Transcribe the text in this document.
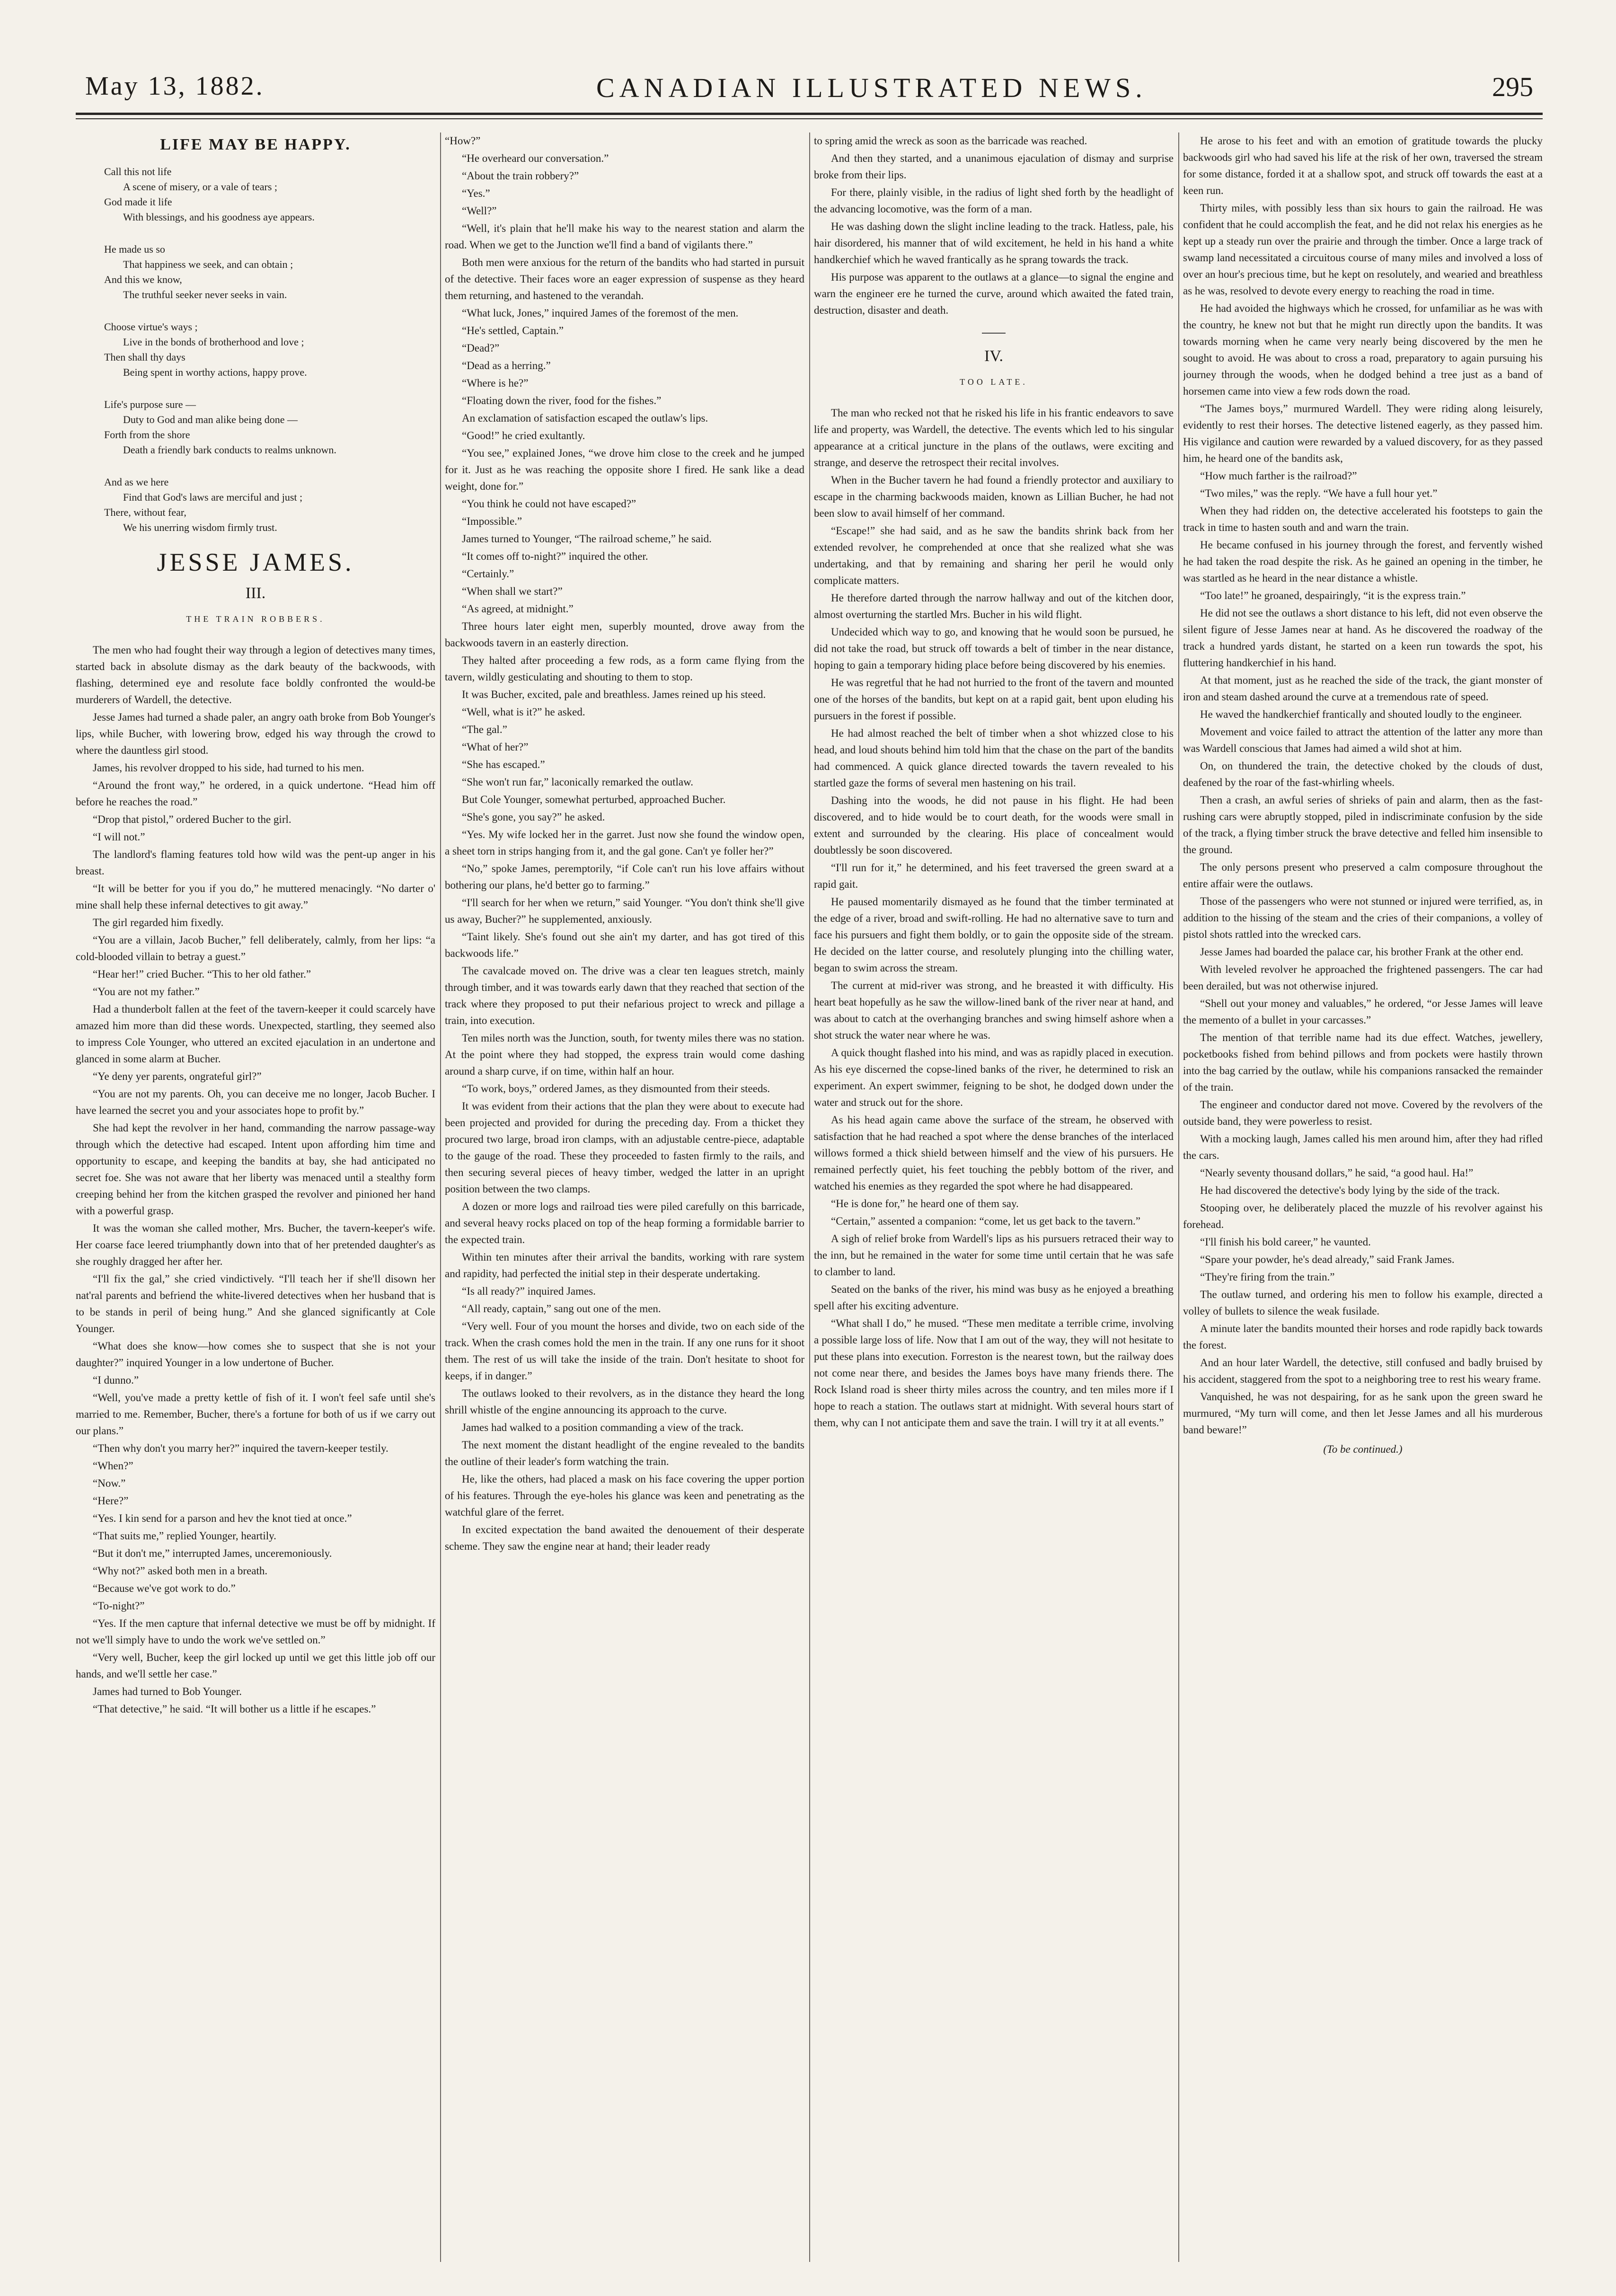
May 13, 1882.	CANADIAN ILLUSTRATED NEWS.	295
LIFE MAY BE HAPPY.
Call this not life
A scene of misery, or a vale of tears ;
God made it life
With blessings, and his goodness aye appears.
He made us so
That happiness we seek, and can obtain ;
And this we know,
The truthful seeker never seeks in vain.
Choose virtue's ways ;
Live in the bonds of brotherhood and love ;
Then shall thy days
Being spent in worthy actions, happy prove.
Life's purpose sure —
Duty to God and man alike being done —
Forth from the shore
Death a friendly bark conducts to realms unknown.
And as we here
Find that God's laws are merciful and just ;
There, without fear,
We his unerring wisdom firmly trust.
JESSE JAMES.
III.
THE TRAIN ROBBERS.

The men who had fought their way through a legion of detectives many times, started back in absolute dismay as the dark beauty of the backwoods, with flashing, determined eye and resolute face boldly confronted the would-be murderers of Wardell, the detective.

Jesse James had turned a shade paler, an angry oath broke from Bob Younger's lips, while Bucher, with lowering brow, edged his way through the crowd to where the dauntless girl stood.

James, his revolver dropped to his side, had turned to his men.

“Around the front way,” he ordered, in a quick undertone. “Head him off before he reaches the road.”

“Drop that pistol,” ordered Bucher to the girl.

“I will not.”

The landlord's flaming features told how wild was the pent-up anger in his breast.

“It will be better for you if you do,” he muttered menacingly. “No darter o' mine shall help these infernal detectives to git away.”

The girl regarded him fixedly.

“You are a villain, Jacob Bucher,” fell deliberately, calmly, from her lips: “a cold-blooded villain to betray a guest.”

“Hear her!” cried Bucher. “This to her old father.”

“You are not my father.”

Had a thunderbolt fallen at the feet of the tavern-keeper it could scarcely have amazed him more than did these words. Unexpected, startling, they seemed also to impress Cole Younger, who uttered an excited ejaculation in an undertone and glanced in some alarm at Bucher.

“Ye deny yer parents, ongrateful girl?”

“You are not my parents. Oh, you can deceive me no longer, Jacob Bucher. I have learned the secret you and your associates hope to profit by.”

She had kept the revolver in her hand, commanding the narrow passage-way through which the detective had escaped. Intent upon affording him time and opportunity to escape, and keeping the bandits at bay, she had anticipated no secret foe. She was not aware that her liberty was menaced until a stealthy form creeping behind her from the kitchen grasped the revolver and pinioned her hand with a powerful grasp.

It was the woman she called mother, Mrs. Bucher, the tavern-keeper's wife. Her coarse face leered triumphantly down into that of her pretended daughter's as she roughly dragged her after her.

“I'll fix the gal,” she cried vindictively. “I'll teach her if she'll disown her nat'ral parents and befriend the white-livered detectives when her husband that is to be stands in peril of being hung.” And she glanced significantly at Cole Younger.

“What does she know—how comes she to suspect that she is not your daughter?” inquired Younger in a low undertone of Bucher.

“I dunno.”

“Well, you've made a pretty kettle of fish of it. I won't feel safe until she's married to me. Remember, Bucher, there's a fortune for both of us if we carry out our plans.”

“Then why don't you marry her?” inquired the tavern-keeper testily.

“When?”

“Now.”

“Here?”

“Yes. I kin send for a parson and hev the knot tied at once.”

“That suits me,” replied Younger, heartily.

“But it don't me,” interrupted James, unceremoniously.

“Why not?” asked both men in a breath.

“Because we've got work to do.”

“To-night?”

“Yes. If the men capture that infernal detective we must be off by midnight. If not we'll simply have to undo the work we've settled on.”

“Very well, Bucher, keep the girl locked up until we get this little job off our hands, and we'll settle her case.”

James had turned to Bob Younger.

“That detective,” he said. “It will bother us a little if he escapes.”

“How?”

“He overheard our conversation.”

“About the train robbery?”

“Yes.”

“Well?”

“Well, it's plain that he'll make his way to the nearest station and alarm the road. When we get to the Junction we'll find a band of vigilants there.”

Both men were anxious for the return of the bandits who had started in pursuit of the detective. Their faces wore an eager expression of suspense as they heard them returning, and hastened to the verandah.

“What luck, Jones,” inquired James of the foremost of the men.

“He's settled, Captain.”

“Dead?”

“Dead as a herring.”

“Where is he?”

“Floating down the river, food for the fishes.”

An exclamation of satisfaction escaped the outlaw's lips.

“Good!” he cried exultantly.

“You see,” explained Jones, “we drove him close to the creek and he jumped for it. Just as he was reaching the opposite shore I fired. He sank like a dead weight, done for.”

“You think he could not have escaped?”

“Impossible.”

James turned to Younger, “The railroad scheme,” he said.

“It comes off to-night?” inquired the other.

“Certainly.”

“When shall we start?”

“As agreed, at midnight.”

Three hours later eight men, superbly mounted, drove away from the backwoods tavern in an easterly direction.

They halted after proceeding a few rods, as a form came flying from the tavern, wildly gesticulating and shouting to them to stop.

It was Bucher, excited, pale and breathless. James reined up his steed.

“Well, what is it?” he asked.

“The gal.”

“What of her?”

“She has escaped.”

“She won't run far,” laconically remarked the outlaw.

But Cole Younger, somewhat perturbed, approached Bucher.

“She's gone, you say?” he asked.

“Yes. My wife locked her in the garret. Just now she found the window open, a sheet torn in strips hanging from it, and the gal gone. Can't ye foller her?”

“No,” spoke James, peremptorily, “if Cole can't run his love affairs without bothering our plans, he'd better go to farming.”

“I'll search for her when we return,” said Younger. “You don't think she'll give us away, Bucher?” he supplemented, anxiously.

“Taint likely. She's found out she ain't my darter, and has got tired of this backwoods life.”

The cavalcade moved on. The drive was a clear ten leagues stretch, mainly through timber, and it was towards early dawn that they reached that section of the track where they proposed to put their nefarious project to wreck and pillage a train, into execution.

Ten miles north was the Junction, south, for twenty miles there was no station. At the point where they had stopped, the express train would come dashing around a sharp curve, if on time, within half an hour.

“To work, boys,” ordered James, as they dismounted from their steeds.

It was evident from their actions that the plan they were about to execute had been projected and provided for during the preceding day. From a thicket they procured two large, broad iron clamps, with an adjustable centre-piece, adaptable to the gauge of the road. These they proceeded to fasten firmly to the rails, and then securing several pieces of heavy timber, wedged the latter in an upright position between the two clamps.

A dozen or more logs and railroad ties were piled carefully on this barricade, and several heavy rocks placed on top of the heap forming a formidable barrier to the expected train.

Within ten minutes after their arrival the bandits, working with rare system and rapidity, had perfected the initial step in their desperate undertaking.

“Is all ready?” inquired James.

“All ready, captain,” sang out one of the men.

“Very well. Four of you mount the horses and divide, two on each side of the track. When the crash comes hold the men in the train. If any one runs for it shoot them. The rest of us will take the inside of the train. Don't hesitate to shoot for keeps, if in danger.”

The outlaws looked to their revolvers, as in the distance they heard the long shrill whistle of the engine announcing its approach to the curve.

James had walked to a position commanding a view of the track.

The next moment the distant headlight of the engine revealed to the bandits the outline of their leader's form watching the train.

He, like the others, had placed a mask on his face covering the upper portion of his features. Through the eye-holes his glance was keen and penetrating as the watchful glare of the ferret.

In excited expectation the band awaited the denouement of their desperate scheme. They saw the engine near at hand; their leader ready

to spring amid the wreck as soon as the barricade was reached.

And then they started, and a unanimous ejaculation of dismay and surprise broke from their lips.

For there, plainly visible, in the radius of light shed forth by the headlight of the advancing locomotive, was the form of a man.

He was dashing down the slight incline leading to the track. Hatless, pale, his hair disordered, his manner that of wild excitement, he held in his hand a white handkerchief which he waved frantically as he sprang towards the track.

His purpose was apparent to the outlaws at a glance—to signal the engine and warn the engineer ere he turned the curve, around which awaited the fated train, destruction, disaster and death.

IV.
TOO LATE.

The man who recked not that he risked his life in his frantic endeavors to save life and property, was Wardell, the detective. The events which led to his singular appearance at a critical juncture in the plans of the outlaws, were exciting and strange, and deserve the retrospect their recital involves.

When in the Bucher tavern he had found a friendly protector and auxiliary to escape in the charming backwoods maiden, known as Lillian Bucher, he had not been slow to avail himself of her command.

“Escape!” she had said, and as he saw the bandits shrink back from her extended revolver, he comprehended at once that she realized what she was undertaking, and that by remaining and sharing her peril he would only complicate matters.

He therefore darted through the narrow hallway and out of the kitchen door, almost overturning the startled Mrs. Bucher in his wild flight.

Undecided which way to go, and knowing that he would soon be pursued, he did not take the road, but struck off towards a belt of timber in the near distance, hoping to gain a temporary hiding place before being discovered by his enemies.

He was regretful that he had not hurried to the front of the tavern and mounted one of the horses of the bandits, but kept on at a rapid gait, bent upon eluding his pursuers in the forest if possible.

He had almost reached the belt of timber when a shot whizzed close to his head, and loud shouts behind him told him that the chase on the part of the bandits had commenced. A quick glance directed towards the tavern revealed to his startled gaze the forms of several men hastening on his trail.

Dashing into the woods, he did not pause in his flight. He had been discovered, and to hide would be to court death, for the woods were small in extent and surrounded by the clearing. His place of concealment would doubtlessly be soon discovered.

“I'll run for it,” he determined, and his feet traversed the green sward at a rapid gait.

He paused momentarily dismayed as he found that the timber terminated at the edge of a river, broad and swift-rolling. He had no alternative save to turn and face his pursuers and fight them boldly, or to gain the opposite side of the stream. He decided on the latter course, and resolutely plunging into the chilling water, began to swim across the stream.

The current at mid-river was strong, and he breasted it with difficulty. His heart beat hopefully as he saw the willow-lined bank of the river near at hand, and was about to catch at the overhanging branches and swing himself ashore when a shot struck the water near where he was.

A quick thought flashed into his mind, and was as rapidly placed in execution. As his eye discerned the copse-lined banks of the river, he determined to risk an experiment. An expert swimmer, feigning to be shot, he dodged down under the water and struck out for the shore.

As his head again came above the surface of the stream, he observed with satisfaction that he had reached a spot where the dense branches of the interlaced willows formed a thick shield between himself and the view of his pursuers. He remained perfectly quiet, his feet touching the pebbly bottom of the river, and watched his enemies as they regarded the spot where he had disappeared.

“He is done for,” he heard one of them say.

“Certain,” assented a companion: “come, let us get back to the tavern.”

A sigh of relief broke from Wardell's lips as his pursuers retraced their way to the inn, but he remained in the water for some time until certain that he was safe to clamber to land.

Seated on the banks of the river, his mind was busy as he enjoyed a breathing spell after his exciting adventure.

“What shall I do,” he mused. “These men meditate a terrible crime, involving a possible large loss of life. Now that I am out of the way, they will not hesitate to put these plans into execution. Forreston is the nearest town, but the railway does not come near there, and besides the James boys have many friends there. The Rock Island road is sheer thirty miles across the country, and ten miles more if I hope to reach a station. The outlaws start at midnight. With several hours start of them, why can I not anticipate them and save the train. I will try it at all events.”

He arose to his feet and with an emotion of gratitude towards the plucky backwoods girl who had saved his life at the risk of her own, traversed the stream for some distance, forded it at a shallow spot, and struck off towards the east at a keen run.

Thirty miles, with possibly less than six hours to gain the railroad. He was confident that he could accomplish the feat, and he did not relax his energies as he kept up a steady run over the prairie and through the timber. Once a large track of swamp land necessitated a circuitous course of many miles and involved a loss of over an hour's precious time, but he kept on resolutely, and wearied and breathless as he was, resolved to devote every energy to reaching the road in time.

He had avoided the highways which he crossed, for unfamiliar as he was with the country, he knew not but that he might run directly upon the bandits. It was towards morning when he came very nearly being discovered by the men he sought to avoid. He was about to cross a road, preparatory to again pursuing his journey through the woods, when he dodged behind a tree just as a band of horsemen came into view a few rods down the road.

“The James boys,” murmured Wardell. They were riding along leisurely, evidently to rest their horses. The detective listened eagerly, as they passed him. His vigilance and caution were rewarded by a valued discovery, for as they passed him, he heard one of the bandits ask,

“How much farther is the railroad?”

“Two miles,” was the reply. “We have a full hour yet.”

When they had ridden on, the detective accelerated his footsteps to gain the track in time to hasten south and and warn the train.

He became confused in his journey through the forest, and fervently wished he had taken the road despite the risk. As he gained an opening in the timber, he was startled as he heard in the near distance a whistle.

“Too late!” he groaned, despairingly, “it is the express train.”

He did not see the outlaws a short distance to his left, did not even observe the silent figure of Jesse James near at hand. As he discovered the roadway of the track a hundred yards distant, he started on a keen run towards the spot, his fluttering handkerchief in his hand.

At that moment, just as he reached the side of the track, the giant monster of iron and steam dashed around the curve at a tremendous rate of speed.

He waved the handkerchief frantically and shouted loudly to the engineer.

Movement and voice failed to attract the attention of the latter any more than was Wardell conscious that James had aimed a wild shot at him.

On, on thundered the train, the detective choked by the clouds of dust, deafened by the roar of the fast-whirling wheels.

Then a crash, an awful series of shrieks of pain and alarm, then as the fast-rushing cars were abruptly stopped, piled in indiscriminate confusion by the side of the track, a flying timber struck the brave detective and felled him insensible to the ground.

The only persons present who preserved a calm composure throughout the entire affair were the outlaws.

Those of the passengers who were not stunned or injured were terrified, as, in addition to the hissing of the steam and the cries of their companions, a volley of pistol shots rattled into the wrecked cars.

Jesse James had boarded the palace car, his brother Frank at the other end.

With leveled revolver he approached the frightened passengers. The car had been derailed, but was not otherwise injured.

“Shell out your money and valuables,” he ordered, “or Jesse James will leave the memento of a bullet in your carcasses.”

The mention of that terrible name had its due effect. Watches, jewellery, pocketbooks fished from behind pillows and from pockets were hastily thrown into the bag carried by the outlaw, while his companions ransacked the remainder of the train.

The engineer and conductor dared not move. Covered by the revolvers of the outside band, they were powerless to resist.

With a mocking laugh, James called his men around him, after they had rifled the cars.

“Nearly seventy thousand dollars,” he said, “a good haul. Ha!”

He had discovered the detective's body lying by the side of the track.

Stooping over, he deliberately placed the muzzle of his revolver against his forehead.

“I'll finish his bold career,” he vaunted.

“Spare your powder, he's dead already,” said Frank James.

“They're firing from the train.”

The outlaw turned, and ordering his men to follow his example, directed a volley of bullets to silence the weak fusilade.

A minute later the bandits mounted their horses and rode rapidly back towards the forest.

And an hour later Wardell, the detective, still confused and badly bruised by his accident, staggered from the spot to a neighboring tree to rest his weary frame.

Vanquished, he was not despairing, for as he sank upon the green sward he murmured, “My turn will come, and then let Jesse James and all his murderous band beware!”

(To be continued.)
